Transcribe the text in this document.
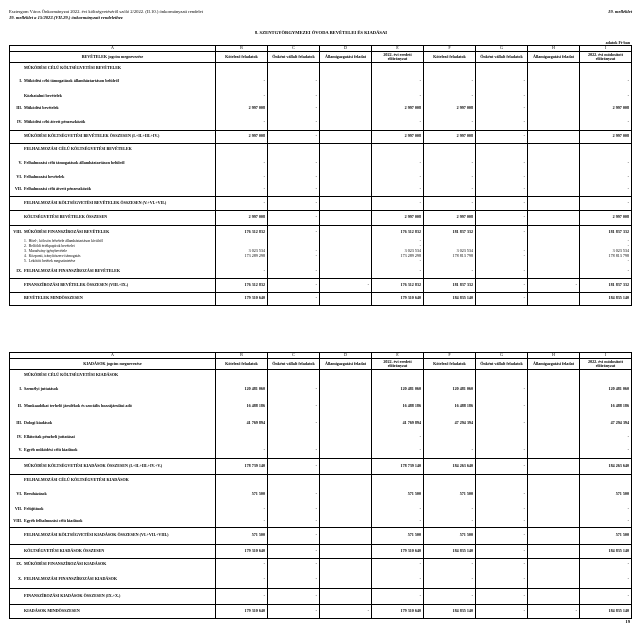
Esztergom Város Önkormányzat 2022. évi költségvetéséről szóló 2/2022. (II.10.) önkormányzati rendelet
19. melléklet a 15/2022.(VII.29.) önkormányzati rendelethez
19. melléklet
8. SZENTGYÖRGYMEZEI ÓVODA BEVÉTELEI ÉS KIADÁSAI
adatok Ft-ban
A	B	C	D	E	F	G	H	I
BEVÉTELEK jogcím megnevezése	Kötelező feladatok	Önként vállalt feladatok	Államigazgatási feladat	2022. évi eredeti előirányzat	Kötelező feladatok	Önként vállalt feladatok	Államigazgatási feladat	2022. évi módosított előirányzat
MŰKÖDÉSI CÉLÚ KÖLTSÉGVETÉSI BEVÉTELEK								
I. Működési célú támogatások államháztartáson belülről	-	-		-	-	-		-
Közhatalmi bevételek	-	-		-	-	-		-
III. Működési bevételek	2 997 008	-		2 997 008	2 997 008	-		2 997 008
IV. Működési célú átvett pénzeszközök	-	-		-	-	-		-
MŰKÖDÉSI KÖLTSÉGVETÉSI BEVÉTELEK ÖSSZESEN (I.+II.+III.+IV.)	2 997 008	-		2 997 008	2 997 008	-		2 997 008
FELHALMOZÁSI CÉLÚ KÖLTSÉGVETÉSI BEVÉTELEK								
V. Felhalmozási célú támogatások államháztartáson belülről	-	-		-	-	-		-
VI. Felhalmozási bevételek	-	-		-	-	-		-
VII. Felhalmozási célú átvett pénzeszközök	-	-		-	-	-		-
FELHALMOZÁSI KÖLTSÉGVETÉSI BEVÉTELEK ÖSSZESEN (V.+VI.+VII.)	-	-		-	-	-		-
KÖLTSÉGVETÉSI BEVÉTELEK ÖSSZESEN	2 997 008	-		2 997 008	2 997 008	-		2 997 008
VIII. MŰKÖDÉSI FINANSZÍROZÁSI BEVÉTELEK	176 312 832	-		176 312 832	181 837 332	-		181 837 332
1. Hitel-, kölcsön felvétele államháztartáson kívülről				-				-
2. Belföldi értékpapírok bevételei				-				-
3. Maradvány igénybevétele	3 023 534	-		3 023 534	3 023 534	-		3 023 534
4. Központi, irányítószervi támogatás	173 289 298	-		173 289 298	178 813 798	-		178 813 798
5. Lekötött betétek megszüntetése				-				-
IX. FELHALMOZÁSI FINANSZÍROZÁSI BEVÉTELEK	-	-		-	-	-		-
FINANSZÍROZÁSI BEVÉTELEK ÖSSZESEN (VIII.+IX.)	176 312 832	-	-	176 312 832	181 837 332	-	-	181 837 332
BEVÉTELEK MINDÖSSZESEN	179 310 640	-		179 310 640	184 835 140	-		184 835 140
A	B	C	D	E	F	G	H	I
KIADÁSOK jogcím megnevezése	Kötelező feladatok	Önként vállalt feladatok	Államigazgatási feladat	2022. évi eredeti előirányzat	Kötelező feladatok	Önként vállalt feladatok	Államigazgatási feladat	2022. évi módosított előirányzat
MŰKÖDÉSI CÉLÚ KÖLTSÉGVETÉSI KIADÁSOK								
I. Személyi juttatások	120 481 060	-		120 481 060	120 481 060	-		120 481 060
II. Munkaadókat terhelő járulékok és szociális hozzájárulási adó	16 488 186	-		16 488 186	16 488 186	-		16 488 186
III. Dologi kiadások	41 769 894	-		41 769 894	47 294 394	-		47 294 394
IV. Ellátottak pénzbeli juttatásai				-				-
V. Egyéb működési célú kiadások	-	-		-	-	-		-
MŰKÖDÉSI KÖLTSÉGVETÉSI KIADÁSOK ÖSSZESEN (I.+II.+III.+IV.+V.)	178 739 140	-		178 739 140	184 263 640	-		184 263 640
FELHALMOZÁSI CÉLÚ KÖLTSÉGVETÉSI KIADÁSOK								
VI. Beruházások	571 500	-		571 500	571 500	-		571 500
VII. Felújítások	-	-		-	-	-		-
VIII. Egyéb felhalmozási célú kiadások	-	-		-	-	-		-
FELHALMOZÁSI KÖLTSÉGVETÉSI KIADÁSOK ÖSSZESEN (VI.+VII.+VIII.)	571 500	-		571 500	571 500	-		571 500
KÖLTSÉGVETÉSI KIADÁSOK ÖSSZESEN	179 310 640	-		179 310 640	184 835 140	-		184 835 140
IX. MŰKÖDÉSI FINANSZÍROZÁSI KIADÁSOK	-	-		-	-	-		-
X. FELHALMOZÁSI FINANSZÍROZÁSI KIADÁSOK	-	-		-	-	-		-
FINANSZÍROZÁSI KIADÁSOK ÖSSZESEN (IX.+X.)	-	-		-	-	-		-
KIADÁSOK MINDÖSSZESEN	179 310 640	-	-	179 310 640	184 835 140	-	-	184 835 140
19
